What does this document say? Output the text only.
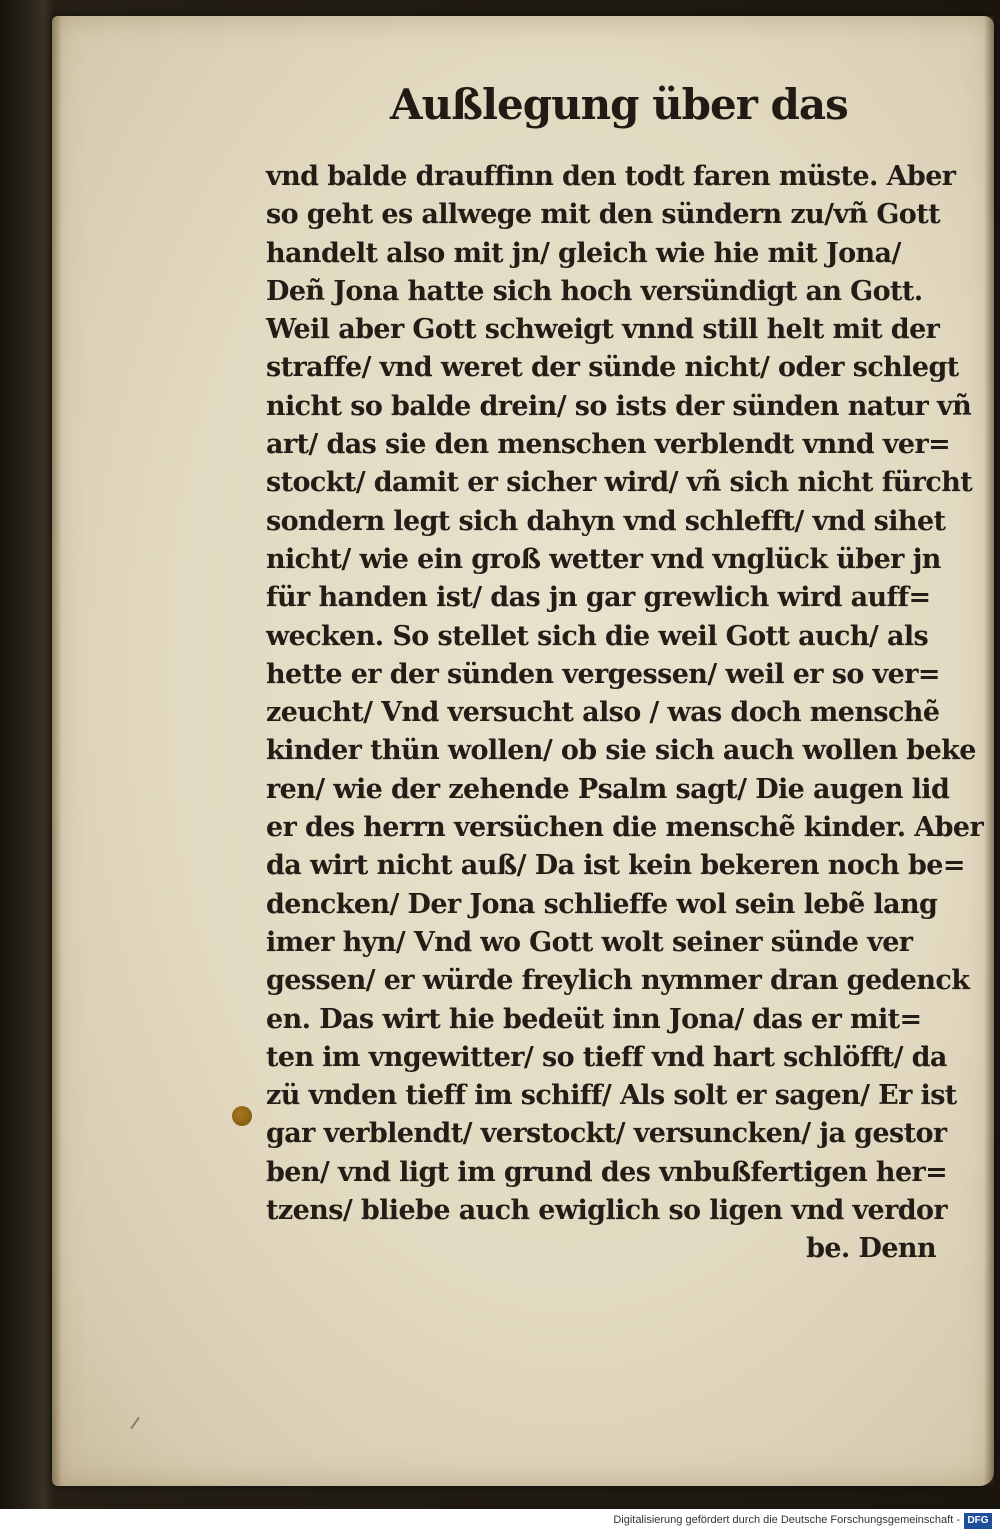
Außlegung über das
vnd balde drauffinn den todt faren müste. Aber
so geht es allwege mit den sündern zu/vñ Gott
handelt also mit jn/ gleich wie hie mit Jona/
Deñ Jona hatte sich hoch versündigt an Gott.
Weil aber Gott schweigt vnnd still helt mit der
straffe/ vnd weret der sünde nicht/ oder schlegt
nicht so balde drein/ so ists der sünden natur vñ
art/ das sie den menschen verblendt vnnd ver=
stockt/ damit er sicher wird/ vñ sich nicht fürcht
sondern legt sich dahyn vnd schlefft/ vnd sihet
nicht/ wie ein groß wetter vnd vnglück über jn
für handen ist/ das jn gar grewlich wird auff=
wecken. So stellet sich die weil Gott auch/ als
hette er der sünden vergessen/ weil er so ver=
zeucht/ Vnd versucht also / was doch menschẽ
kinder thün wollen/ ob sie sich auch wollen beke
ren/ wie der zehende Psalm sagt/ Die augen lid
er des herrn versüchen die menschẽ kinder. Aber
da wirt nicht auß/ Da ist kein bekeren noch be=
dencken/ Der Jona schlieffe wol sein lebẽ lang
imer hyn/ Vnd wo Gott wolt seiner sünde ver
gessen/ er würde freylich nymmer dran gedenck
en. Das wirt hie bedeüt inn Jona/ das er mit=
ten im vngewitter/ so tieff vnd hart schlöfft/ da
zü vnden tieff im schiff/ Als solt er sagen/ Er ist
gar verblendt/ verstockt/ versuncken/ ja gestor
ben/ vnd ligt im grund des vnbußfertigen her=
tzens/ bliebe auch ewiglich so ligen vnd verdor
be. Denn
Digitalisierung gefördert durch die Deutsche Forschungsgemeinschaft - DFG
